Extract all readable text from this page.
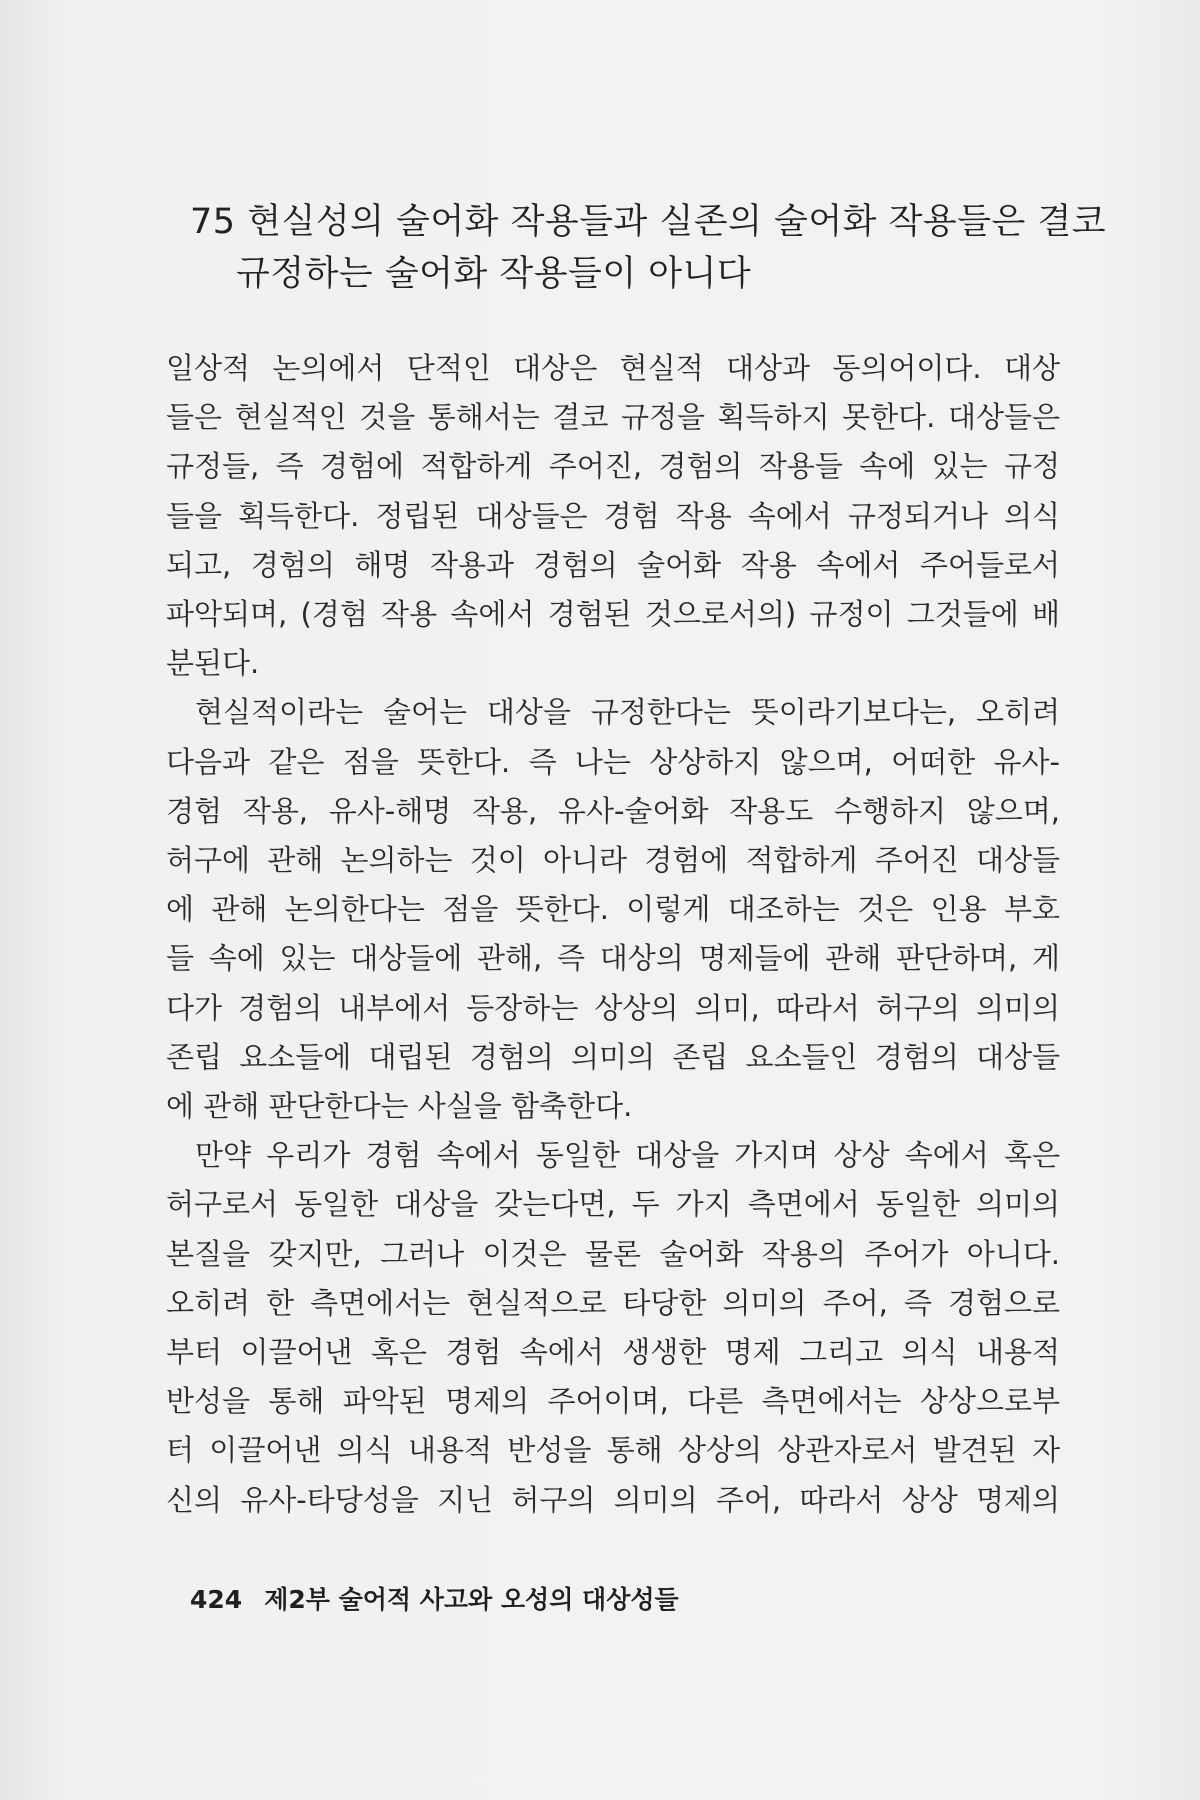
75 현실성의 술어화 작용들과 실존의 술어화 작용들은 결코
규정하는 술어화 작용들이 아니다

일상적 논의에서 단적인 대상은 현실적 대상과 동의어이다. 대상
들은 현실적인 것을 통해서는 결코 규정을 획득하지 못한다. 대상들은
규정들, 즉 경험에 적합하게 주어진, 경험의 작용들 속에 있는 규정
들을 획득한다. 정립된 대상들은 경험 작용 속에서 규정되거나 의식
되고, 경험의 해명 작용과 경험의 술어화 작용 속에서 주어들로서
파악되며, (경험 작용 속에서 경험된 것으로서의) 규정이 그것들에 배
분된다.

현실적이라는 술어는 대상을 규정한다는 뜻이라기보다는, 오히려
다음과 같은 점을 뜻한다. 즉 나는 상상하지 않으며, 어떠한 유사-
경험 작용, 유사-해명 작용, 유사-술어화 작용도 수행하지 않으며,
허구에 관해 논의하는 것이 아니라 경험에 적합하게 주어진 대상들
에 관해 논의한다는 점을 뜻한다. 이렇게 대조하는 것은 인용 부호
들 속에 있는 대상들에 관해, 즉 대상의 명제들에 관해 판단하며, 게
다가 경험의 내부에서 등장하는 상상의 의미, 따라서 허구의 의미의
존립 요소들에 대립된 경험의 의미의 존립 요소들인 경험의 대상들
에 관해 판단한다는 사실을 함축한다.

만약 우리가 경험 속에서 동일한 대상을 가지며 상상 속에서 혹은
허구로서 동일한 대상을 갖는다면, 두 가지 측면에서 동일한 의미의
본질을 갖지만, 그러나 이것은 물론 술어화 작용의 주어가 아니다.
오히려 한 측면에서는 현실적으로 타당한 의미의 주어, 즉 경험으로
부터 이끌어낸 혹은 경험 속에서 생생한 명제 그리고 의식 내용적
반성을 통해 파악된 명제의 주어이며, 다른 측면에서는 상상으로부
터 이끌어낸 의식 내용적 반성을 통해 상상의 상관자로서 발견된 자
신의 유사-타당성을 지닌 허구의 의미의 주어, 따라서 상상 명제의

424 제2부 술어적 사고와 오성의 대상성들
